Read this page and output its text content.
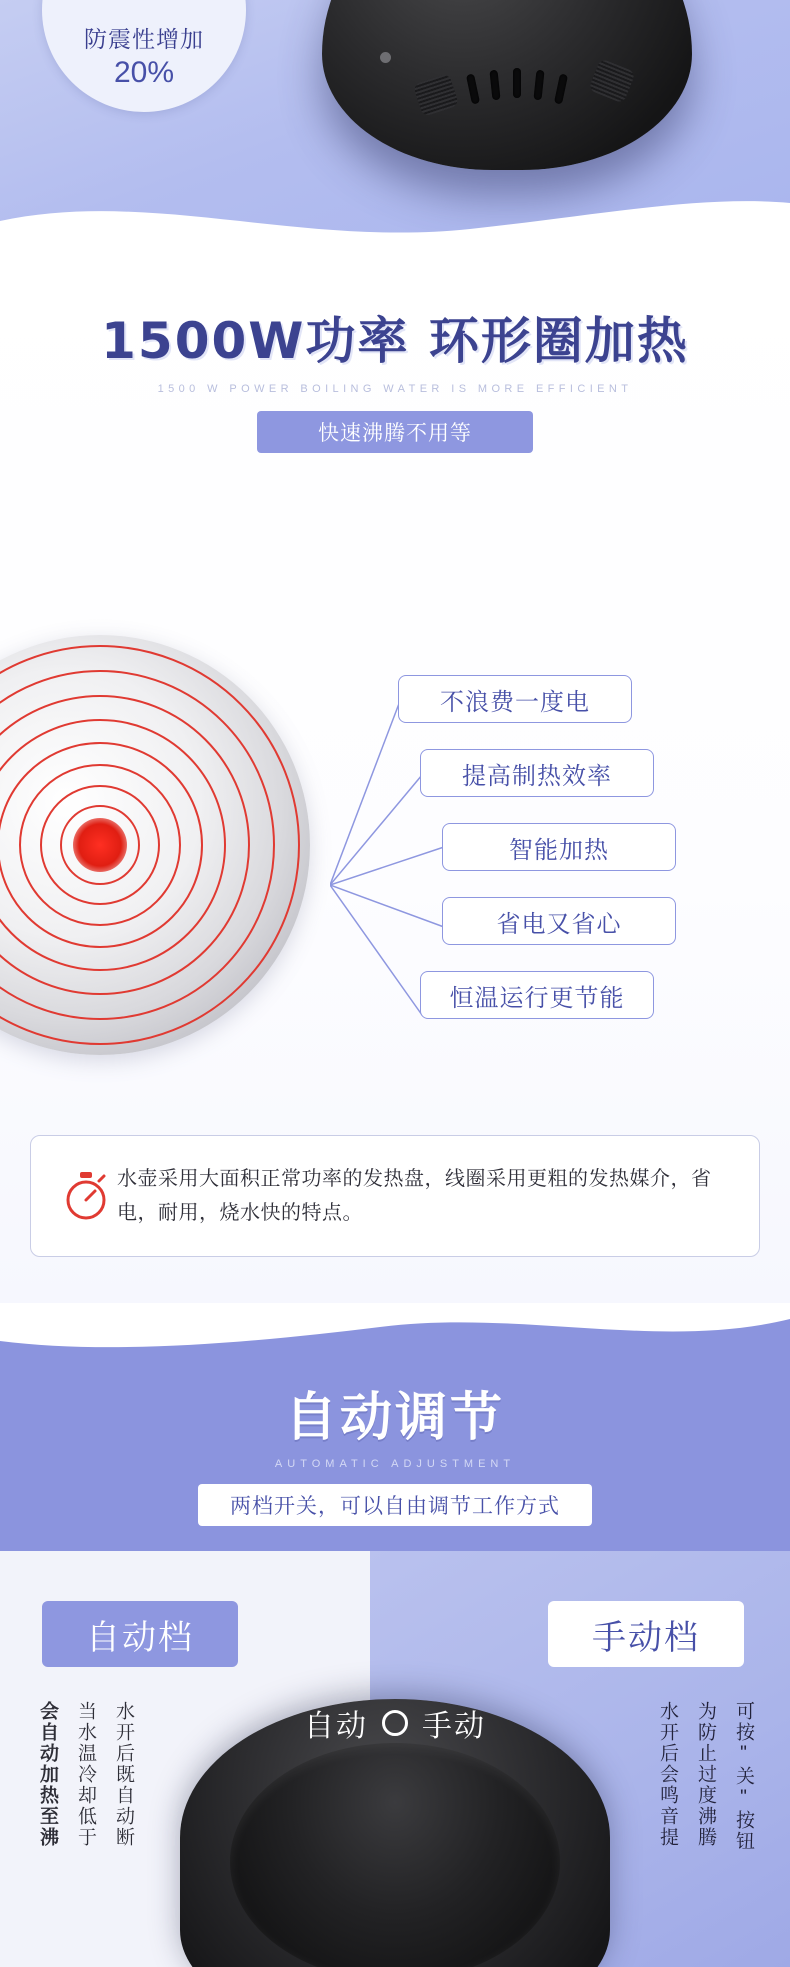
防震性增加
20%
1500W功率 环形圈加热
1500 W POWER BOILING WATER IS MORE EFFICIENT
快速沸腾不用等
不浪费一度电
提高制热效率
智能加热
省电又省心
恒温运行更节能
水壶采用大面积正常功率的发热盘，线圈采用更粗的发热媒介，省电，耐用，烧水快的特点。
自动调节
AUTOMATIC ADJUSTMENT
两档开关，可以自由调节工作方式
自动档
水开后既自动断
当水温冷却低于
会自动加热至沸
手动档
水开后会鸣音提 为防止过度沸腾 可按"关"按钮
自动 手动
